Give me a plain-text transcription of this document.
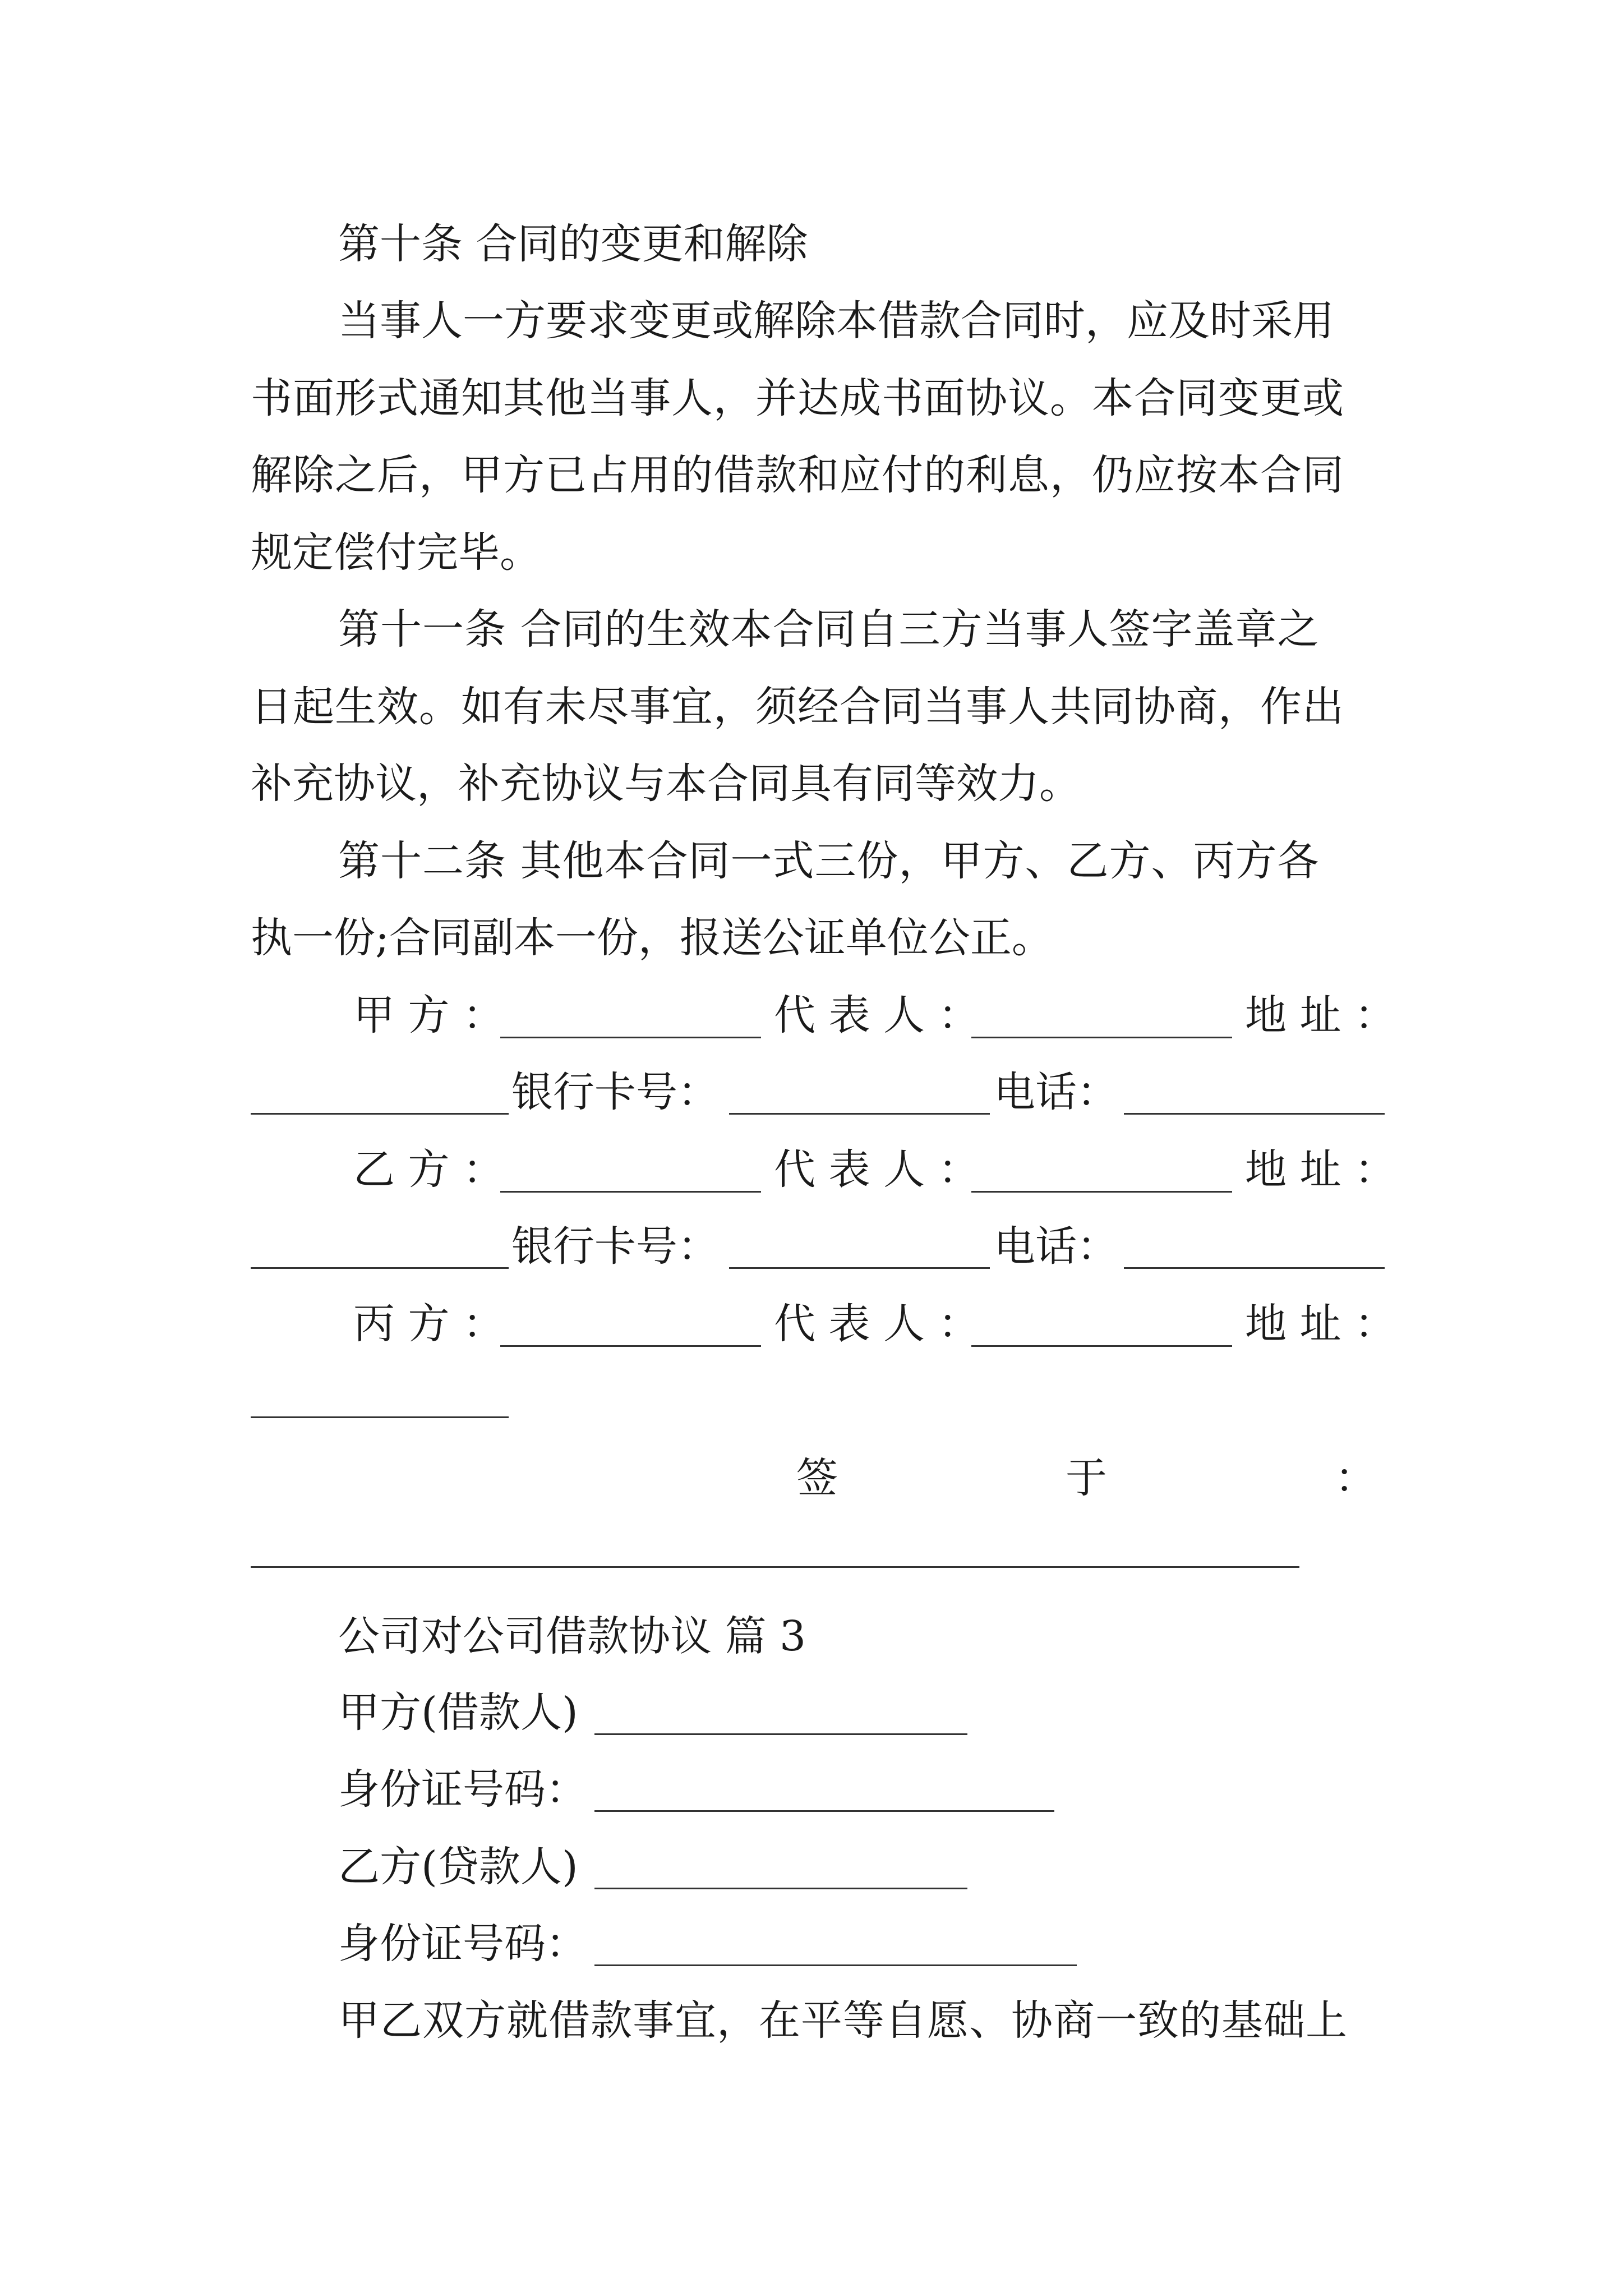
第十条 合同的变更和解除
当事人一方要求变更或解除本借款合同时，应及时采用
书面形式通知其他当事人，并达成书面协议。本合同变更或
解除之后，甲方已占用的借款和应付的利息，仍应按本合同
规定偿付完毕。
第十一条 合同的生效本合同自三方当事人签字盖章之
日起生效。如有未尽事宜，须经合同当事人共同协商，作出
补充协议，补充协议与本合同具有同等效力。
第十二条 其他本合同一式三份，甲方、乙方、丙方各
执一份;合同副本一份，报送公证单位公正。
甲 方 ：	代 表 人 ：	地 址 ：
银行卡号：	电话：
乙 方 ：	代 表 人 ：	地 址 ：
银行卡号：	电话：
丙 方 ：	代 表 人 ：	地 址 ：
签	于	：
公司对公司借款协议 篇 3
甲方(借款人)
身份证号码：
乙方(贷款人)
身份证号码：
甲乙双方就借款事宜，在平等自愿、协商一致的基础上
